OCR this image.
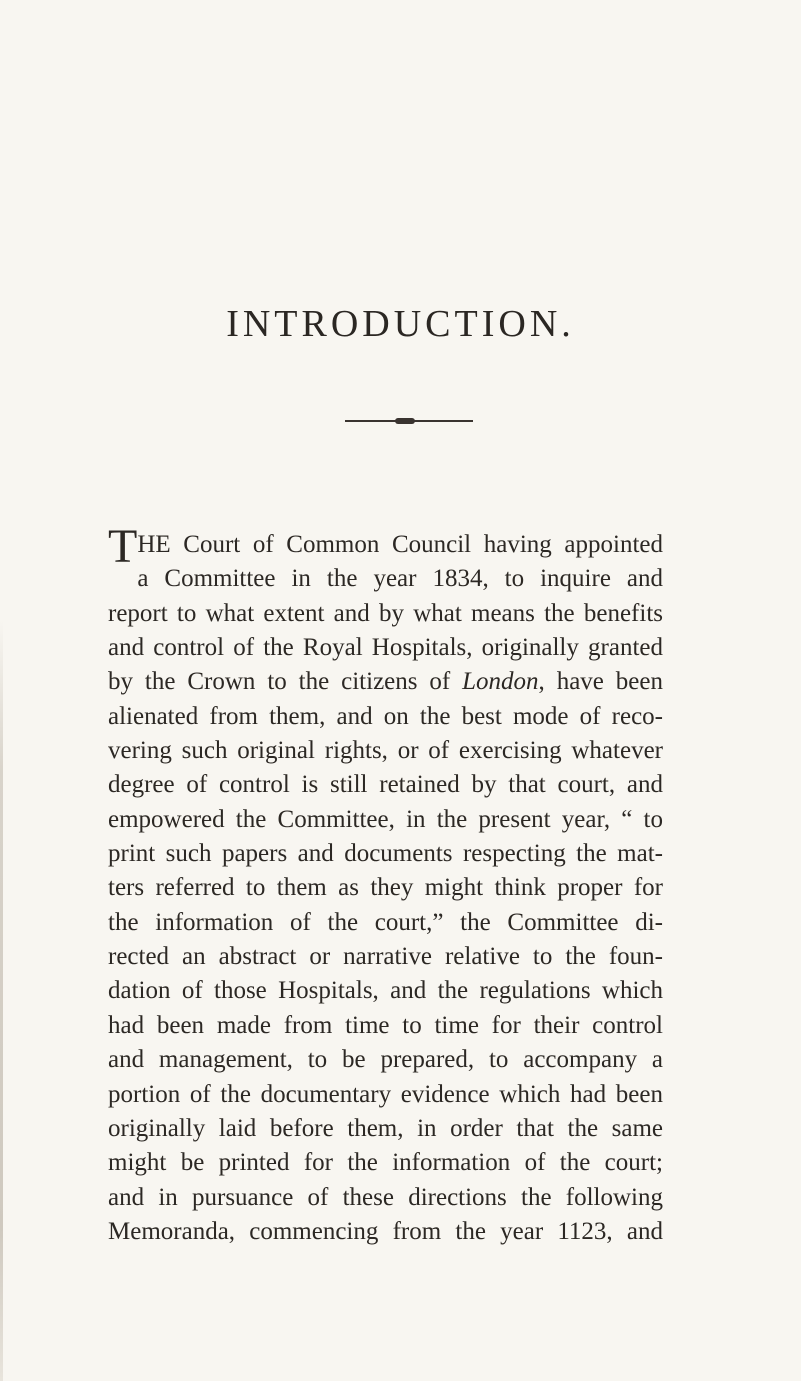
INTRODUCTION.
T HE Court of Common Council having appointed
a Committee in the year 1834, to inquire and
report to what extent and by what means the benefits
and control of the Royal Hospitals, originally granted
by the Crown to the citizens of London, have been
alienated from them, and on the best mode of reco-
vering such original rights, or of exercising whatever
degree of control is still retained by that court, and
empowered the Committee, in the present year, “ to
print such papers and documents respecting the mat-
ters referred to them as they might think proper for
the information of the court,” the Committee di-
rected an abstract or narrative relative to the foun-
dation of those Hospitals, and the regulations which
had been made from time to time for their control
and management, to be prepared, to accompany a
portion of the documentary evidence which had been
originally laid before them, in order that the same
might be printed for the information of the court;
and in pursuance of these directions the following
Memoranda, commencing from the year 1123, and
